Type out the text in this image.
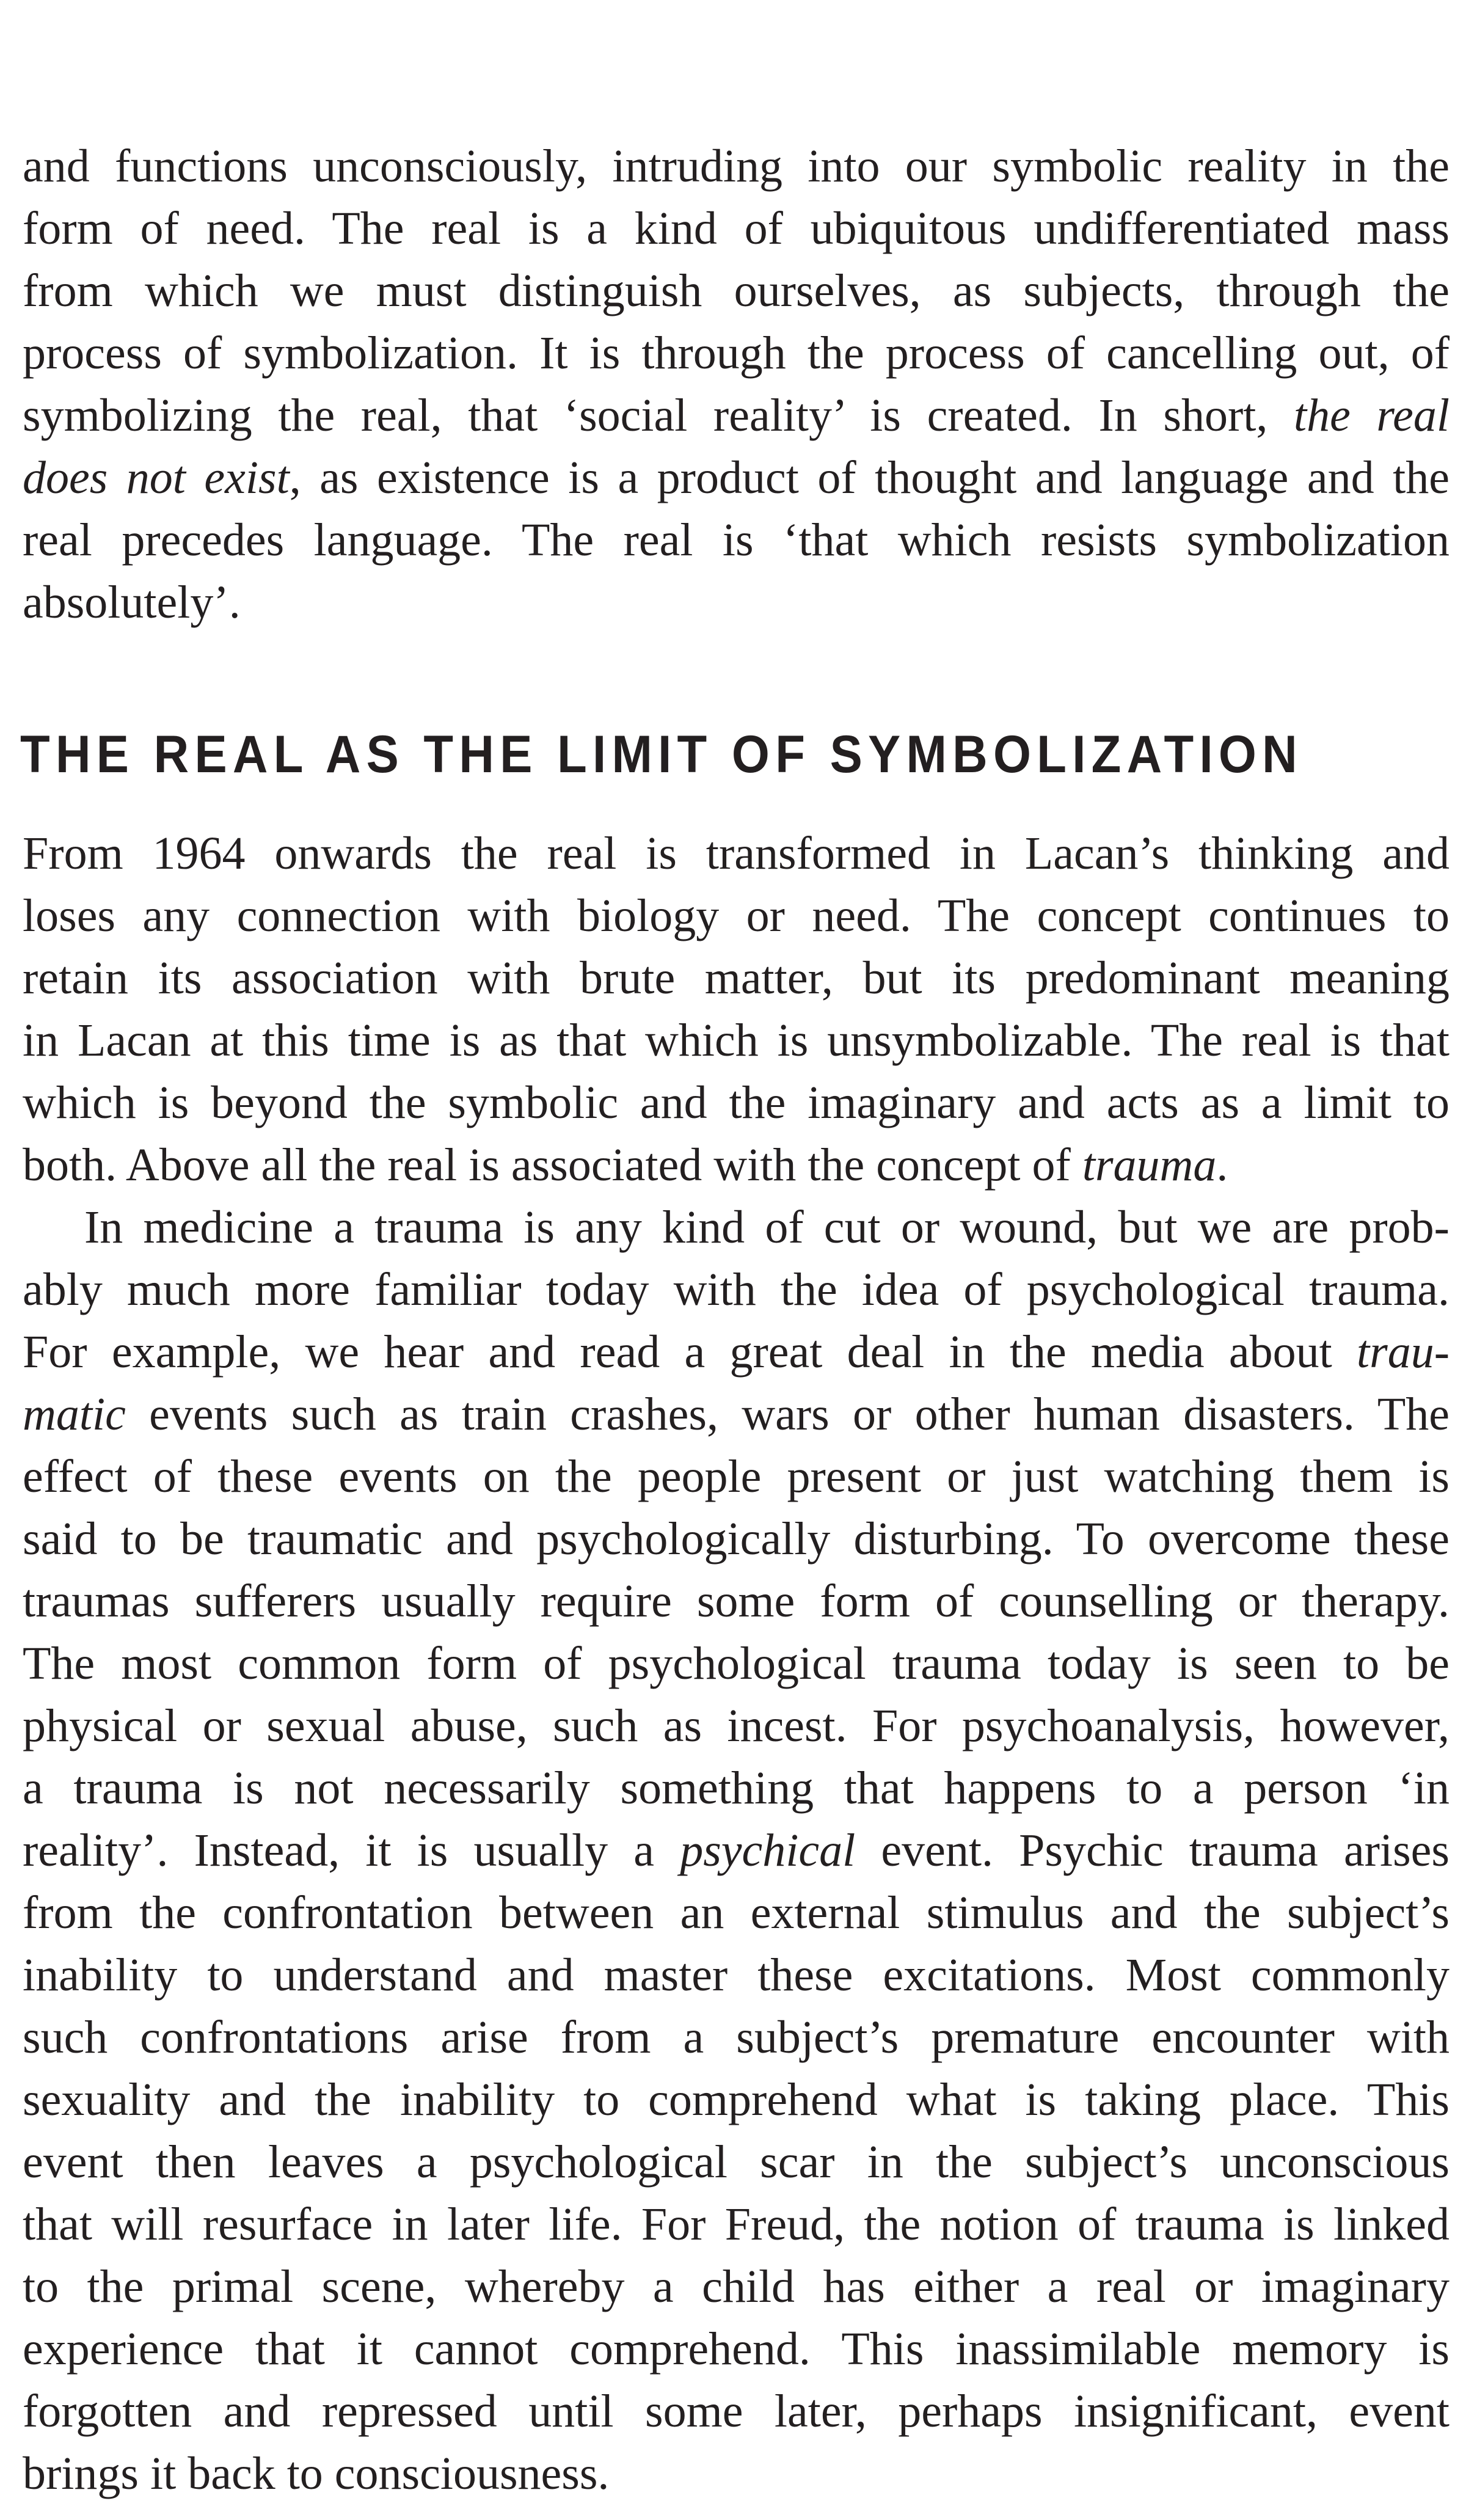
and functions unconsciously, intruding into our symbolic reality in the
form of need. The real is a kind of ubiquitous undifferentiated mass
from which we must distinguish ourselves, as subjects, through the
process of symbolization. It is through the process of cancelling out, of
symbolizing the real, that ‘social reality’ is created. In short, the real
does not exist, as existence is a product of thought and language and the
real precedes language. The real is ‘that which resists symbolization
absolutely’.
THE REAL AS THE LIMIT OF SYMBOLIZATION
From 1964 onwards the real is transformed in Lacan’s thinking and
loses any connection with biology or need. The concept continues to
retain its association with brute matter, but its predominant meaning
in Lacan at this time is as that which is unsymbolizable. The real is that
which is beyond the symbolic and the imaginary and acts as a limit to
both. Above all the real is associated with the concept of trauma.
In medicine a trauma is any kind of cut or wound, but we are prob-
ably much more familiar today with the idea of psychological trauma.
For example, we hear and read a great deal in the media about trau-
matic events such as train crashes, wars or other human disasters. The
effect of these events on the people present or just watching them is
said to be traumatic and psychologically disturbing. To overcome these
traumas sufferers usually require some form of counselling or therapy.
The most common form of psychological trauma today is seen to be
physical or sexual abuse, such as incest. For psychoanalysis, however,
a trauma is not necessarily something that happens to a person ‘in
reality’. Instead, it is usually a psychical event. Psychic trauma arises
from the confrontation between an external stimulus and the subject’s
inability to understand and master these excitations. Most commonly
such confrontations arise from a subject’s premature encounter with
sexuality and the inability to comprehend what is taking place. This
event then leaves a psychological scar in the subject’s unconscious
that will resurface in later life. For Freud, the notion of trauma is linked
to the primal scene, whereby a child has either a real or imaginary
experience that it cannot comprehend. This inassimilable memory is
forgotten and repressed until some later, perhaps insignificant, event
brings it back to consciousness.
